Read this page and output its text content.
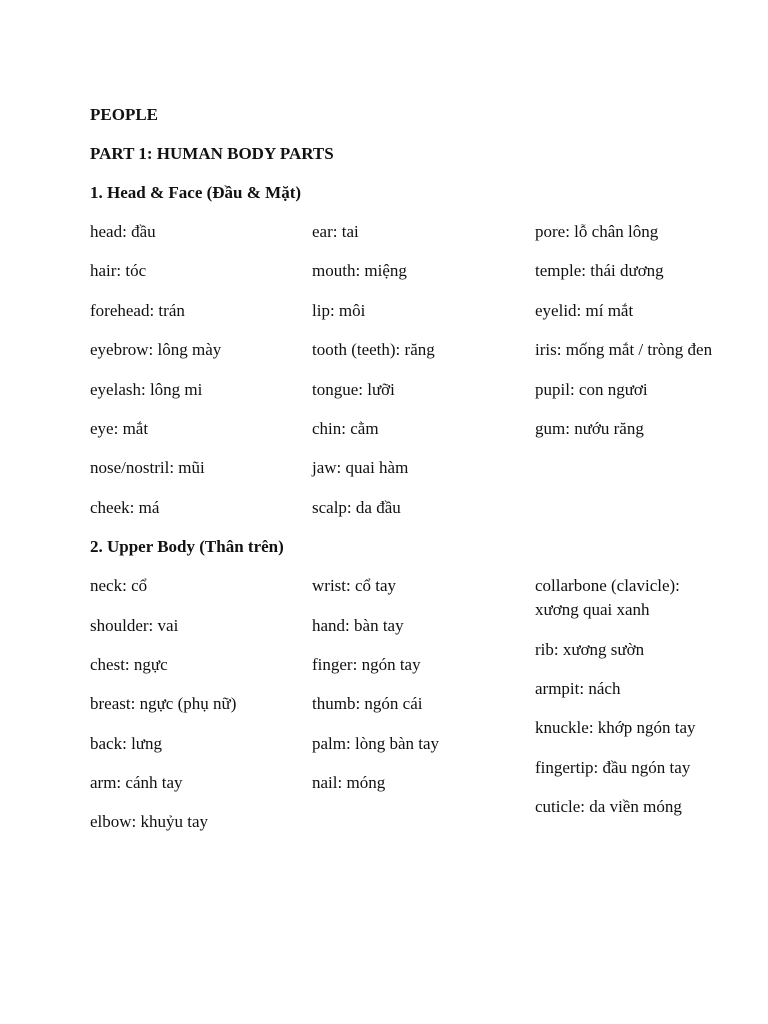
PEOPLE
PART 1: HUMAN BODY PARTS
1. Head & Face (Đầu & Mặt)
head: đầu
hair: tóc
forehead: trán
eyebrow: lông mày
eyelash: lông mi
eye: mắt
nose/nostril: mũi
cheek: má
ear: tai
mouth: miệng
lip: môi
tooth (teeth): răng
tongue: lưỡi
chin: cằm
jaw: quai hàm
scalp: da đầu
pore: lỗ chân lông
temple: thái dương
eyelid: mí mắt
iris: mống mắt / tròng đen
pupil: con ngươi
gum: nướu răng
2. Upper Body (Thân trên)
neck: cổ
shoulder: vai
chest: ngực
breast: ngực (phụ nữ)
back: lưng
arm: cánh tay
elbow: khuỷu tay
wrist: cổ tay
hand: bàn tay
finger: ngón tay
thumb: ngón cái
palm: lòng bàn tay
nail: móng
collarbone (clavicle): xương quai xanh
rib: xương sườn
armpit: nách
knuckle: khớp ngón tay
fingertip: đầu ngón tay
cuticle: da viền móng
